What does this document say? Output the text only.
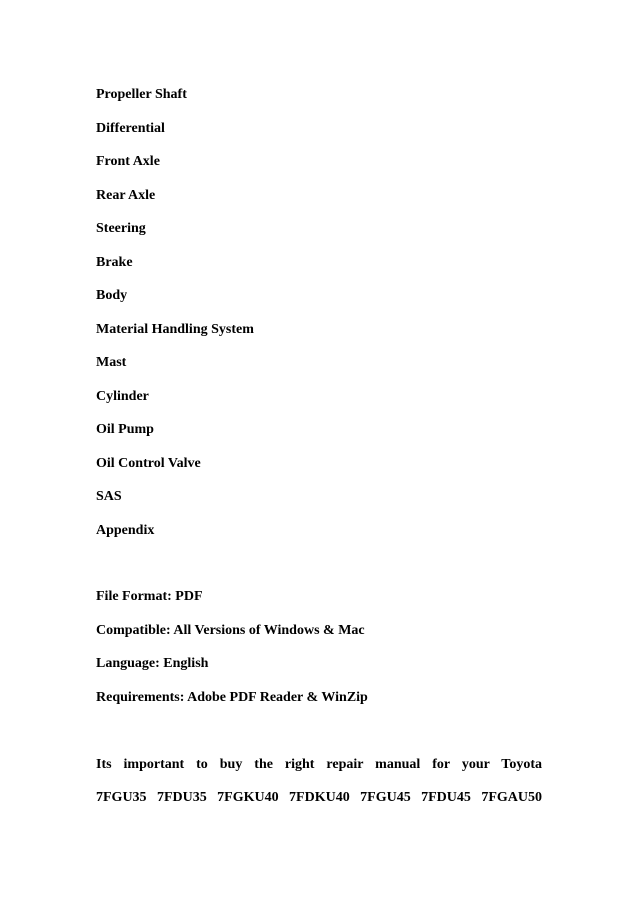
Propeller Shaft
Differential
Front Axle
Rear Axle
Steering
Brake
Body
Material Handling System
Mast
Cylinder
Oil Pump
Oil Control Valve
SAS
Appendix
File Format: PDF
Compatible: All Versions of Windows & Mac
Language: English
Requirements: Adobe PDF Reader & WinZip
Its important to buy the right repair manual for your Toyota
7FGU35 7FDU35 7FGKU40 7FDKU40 7FGU45 7FDU45 7FGAU50
